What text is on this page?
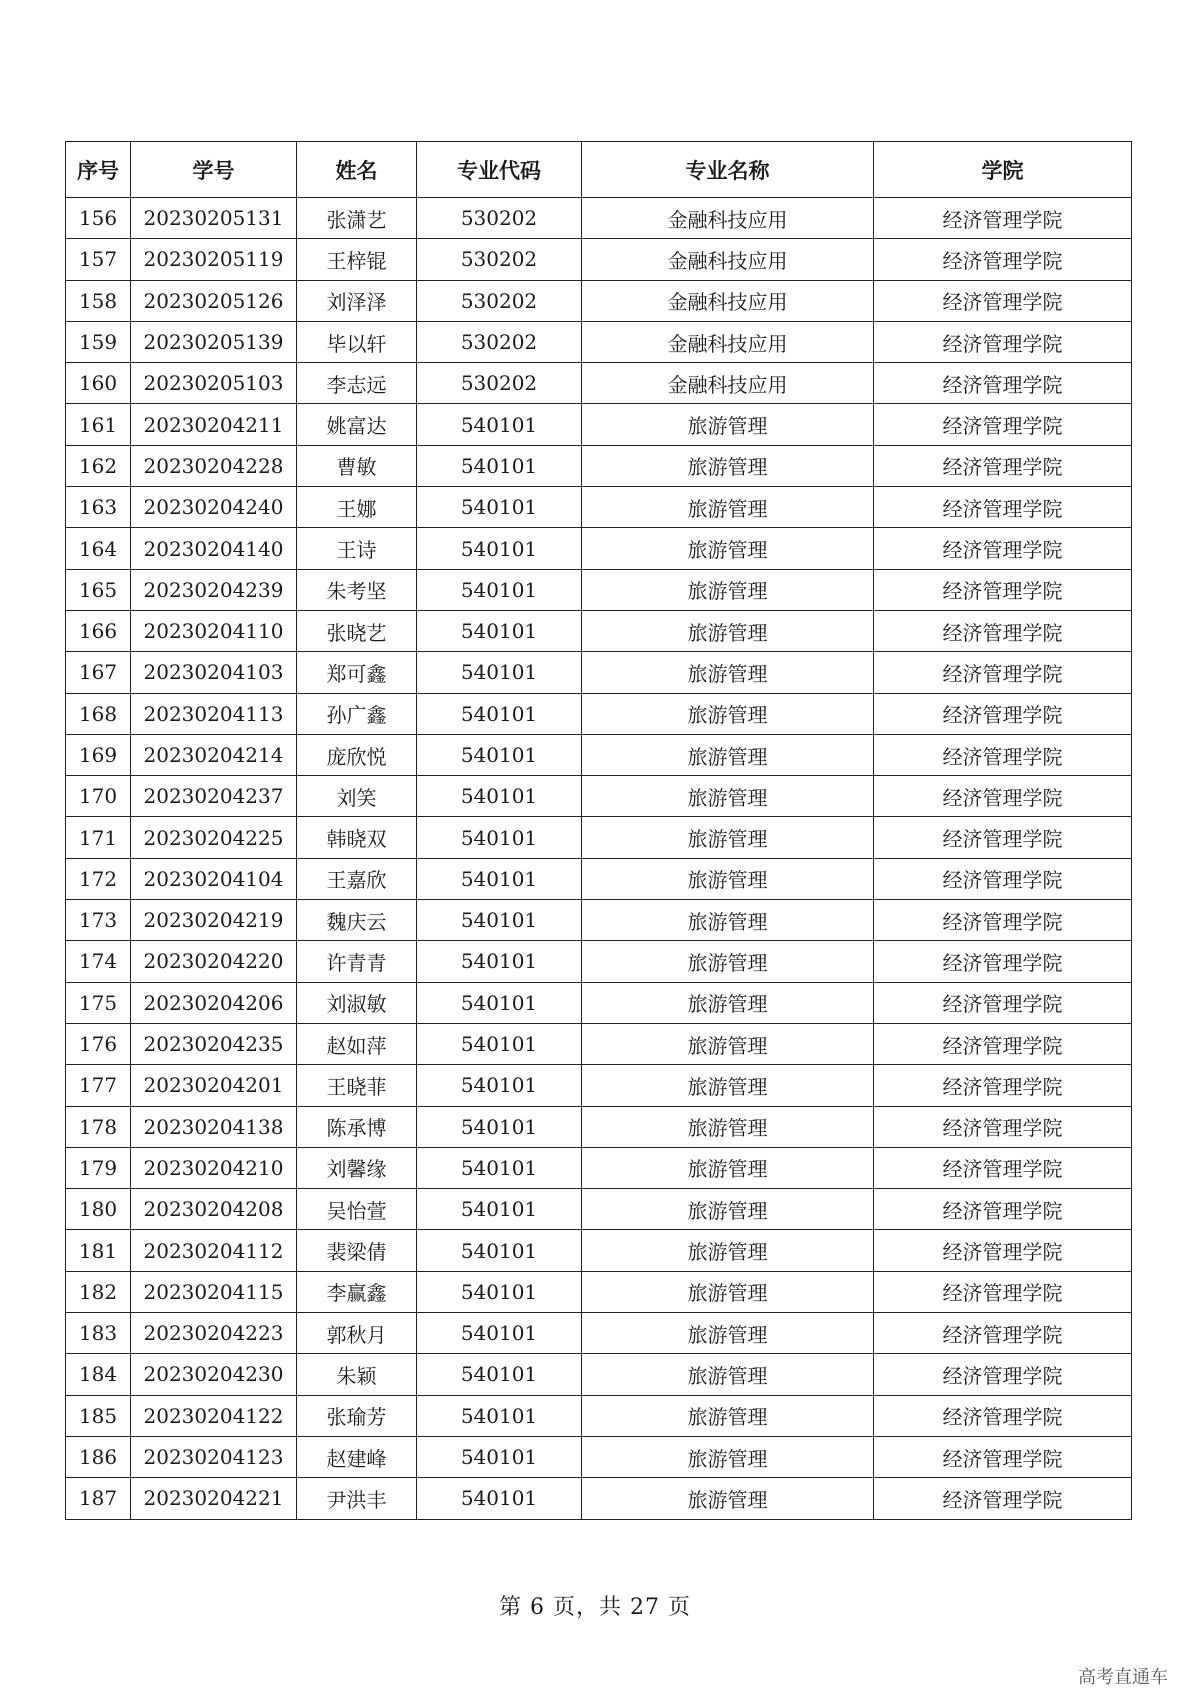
序号	学号	姓名	专业代码	专业名称	学院
156	20230205131	张潇艺	530202	金融科技应用	经济管理学院
157	20230205119	王梓锟	530202	金融科技应用	经济管理学院
158	20230205126	刘泽泽	530202	金融科技应用	经济管理学院
159	20230205139	毕以轩	530202	金融科技应用	经济管理学院
160	20230205103	李志远	530202	金融科技应用	经济管理学院
161	20230204211	姚富达	540101	旅游管理	经济管理学院
162	20230204228	曹敏	540101	旅游管理	经济管理学院
163	20230204240	王娜	540101	旅游管理	经济管理学院
164	20230204140	王诗	540101	旅游管理	经济管理学院
165	20230204239	朱考坚	540101	旅游管理	经济管理学院
166	20230204110	张晓艺	540101	旅游管理	经济管理学院
167	20230204103	郑可鑫	540101	旅游管理	经济管理学院
168	20230204113	孙广鑫	540101	旅游管理	经济管理学院
169	20230204214	庞欣悦	540101	旅游管理	经济管理学院
170	20230204237	刘笑	540101	旅游管理	经济管理学院
171	20230204225	韩晓双	540101	旅游管理	经济管理学院
172	20230204104	王嘉欣	540101	旅游管理	经济管理学院
173	20230204219	魏庆云	540101	旅游管理	经济管理学院
174	20230204220	许青青	540101	旅游管理	经济管理学院
175	20230204206	刘淑敏	540101	旅游管理	经济管理学院
176	20230204235	赵如萍	540101	旅游管理	经济管理学院
177	20230204201	王晓菲	540101	旅游管理	经济管理学院
178	20230204138	陈承博	540101	旅游管理	经济管理学院
179	20230204210	刘馨缘	540101	旅游管理	经济管理学院
180	20230204208	吴怡萱	540101	旅游管理	经济管理学院
181	20230204112	裴梁倩	540101	旅游管理	经济管理学院
182	20230204115	李赢鑫	540101	旅游管理	经济管理学院
183	20230204223	郭秋月	540101	旅游管理	经济管理学院
184	20230204230	朱颖	540101	旅游管理	经济管理学院
185	20230204122	张瑜芳	540101	旅游管理	经济管理学院
186	20230204123	赵建峰	540101	旅游管理	经济管理学院
187	20230204221	尹洪丰	540101	旅游管理	经济管理学院
第 6 页，共 27 页
高考直通车
